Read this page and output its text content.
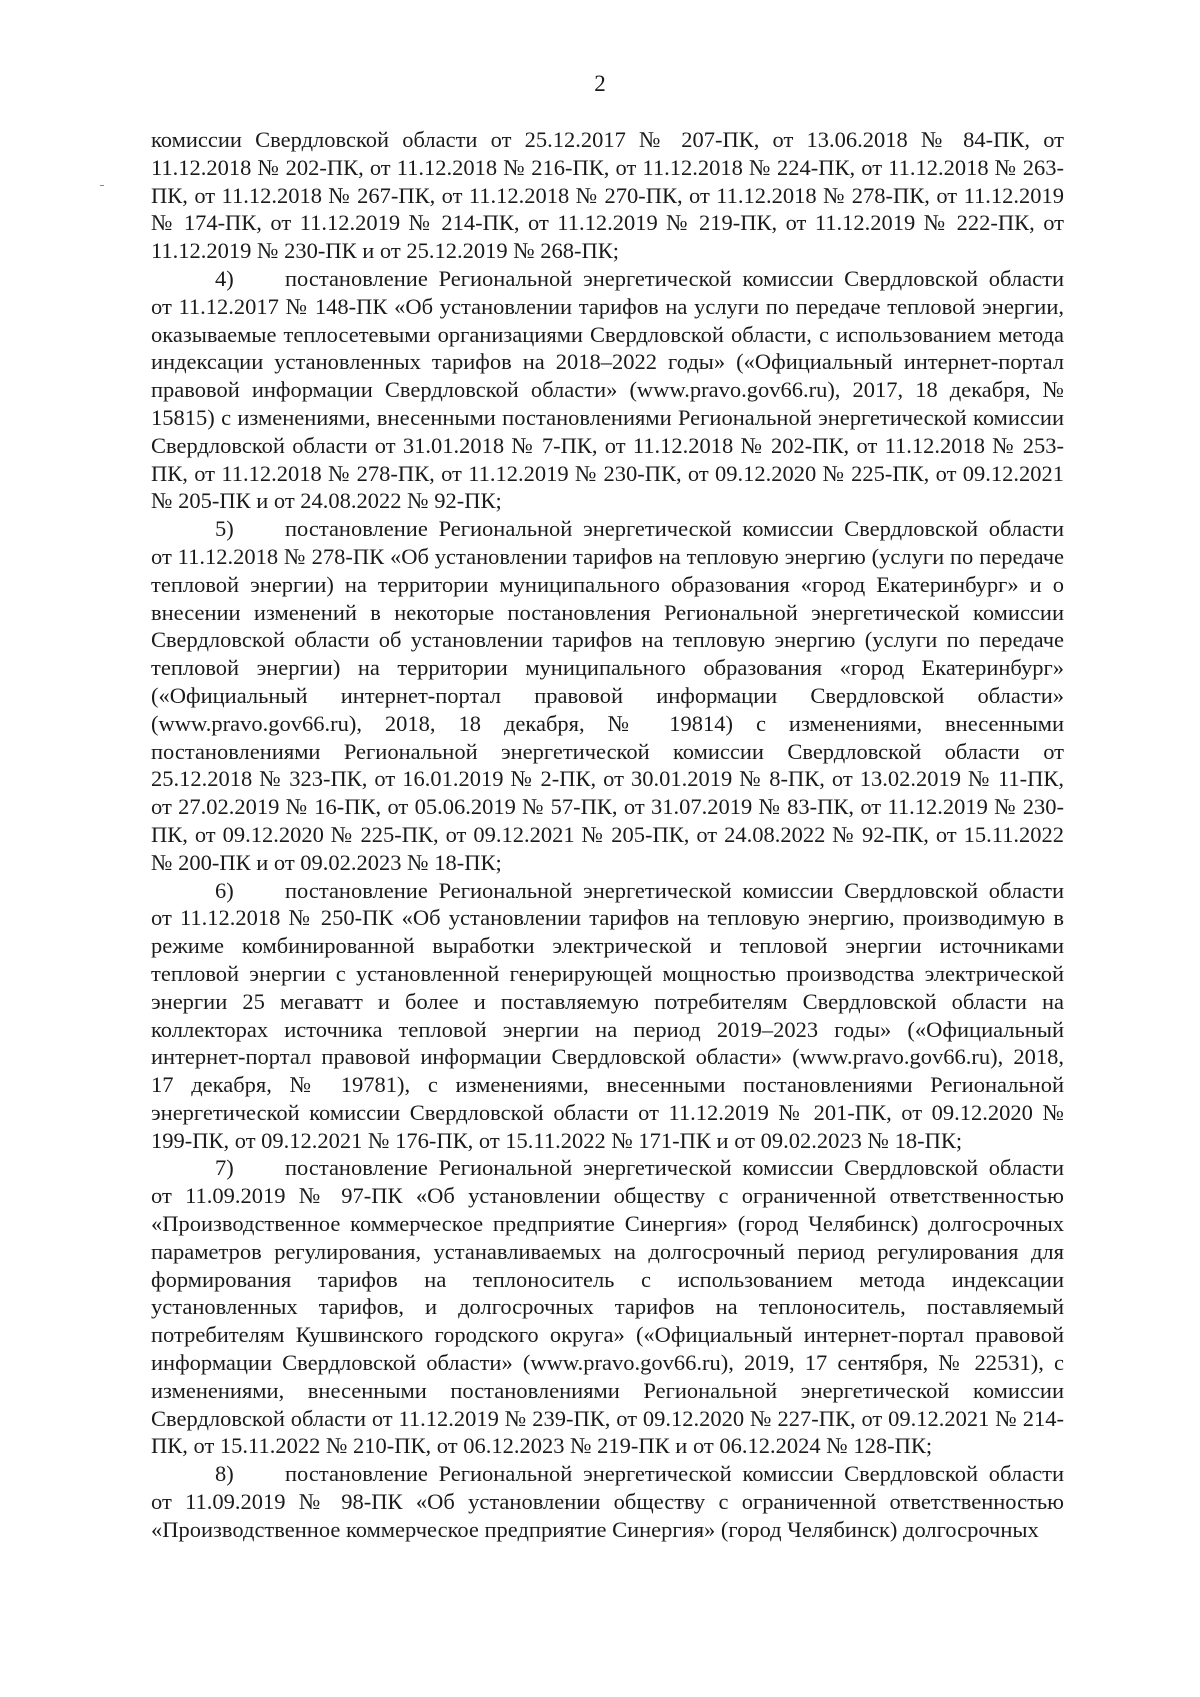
2

комиссии Свердловской области от 25.12.2017 № 207-ПК, от 13.06.2018 № 84-ПК, от 11.12.2018 № 202-ПК, от 11.12.2018 № 216-ПК, от 11.12.2018 № 224-ПК, от 11.12.2018 № 263-ПК, от 11.12.2018 № 267-ПК, от 11.12.2018 № 270-ПК, от 11.12.2018 № 278-ПК, от 11.12.2019 № 174-ПК, от 11.12.2019 № 214-ПК, от 11.12.2019 № 219-ПК, от 11.12.2019 № 222-ПК, от 11.12.2019 № 230-ПК и от 25.12.2019 № 268-ПК;

4) постановление Региональной энергетической комиссии Свердловской области от 11.12.2017 № 148-ПК «Об установлении тарифов на услуги по передаче тепловой энергии, оказываемые теплосетевыми организациями Свердловской области, с использованием метода индексации установленных тарифов на 2018–2022 годы» («Официальный интернет-портал правовой информации Свердловской области» (www.pravo.gov66.ru), 2017, 18 декабря, № 15815) с изменениями, внесенными постановлениями Региональной энергетической комиссии Свердловской области от 31.01.2018 № 7-ПК, от 11.12.2018 № 202-ПК, от 11.12.2018 № 253-ПК, от 11.12.2018 № 278-ПК, от 11.12.2019 № 230-ПК, от 09.12.2020 № 225-ПК, от 09.12.2021 № 205-ПК и от 24.08.2022 № 92-ПК;

5) постановление Региональной энергетической комиссии Свердловской области от 11.12.2018 № 278-ПК «Об установлении тарифов на тепловую энергию (услуги по передаче тепловой энергии) на территории муниципального образования «город Екатеринбург» и о внесении изменений в некоторые постановления Региональной энергетической комиссии Свердловской области об установлении тарифов на тепловую энергию (услуги по передаче тепловой энергии) на территории муниципального образования «город Екатеринбург» («Официальный интернет-портал правовой информации Свердловской области» (www.pravo.gov66.ru), 2018, 18 декабря, № 19814) с изменениями, внесенными постановлениями Региональной энергетической комиссии Свердловской области от 25.12.2018 № 323-ПК, от 16.01.2019 № 2-ПК, от 30.01.2019 № 8-ПК, от 13.02.2019 № 11-ПК, от 27.02.2019 № 16-ПК, от 05.06.2019 № 57-ПК, от 31.07.2019 № 83-ПК, от 11.12.2019 № 230-ПК, от 09.12.2020 № 225-ПК, от 09.12.2021 № 205-ПК, от 24.08.2022 № 92-ПК, от 15.11.2022 № 200-ПК и от 09.02.2023 № 18-ПК;

6) постановление Региональной энергетической комиссии Свердловской области от 11.12.2018 № 250-ПК «Об установлении тарифов на тепловую энергию, производимую в режиме комбинированной выработки электрической и тепловой энергии источниками тепловой энергии с установленной генерирующей мощностью производства электрической энергии 25 мегаватт и более и поставляемую потребителям Свердловской области на коллекторах источника тепловой энергии на период 2019–2023 годы» («Официальный интернет-портал правовой информации Свердловской области» (www.pravo.gov66.ru), 2018, 17 декабря, № 19781), с изменениями, внесенными постановлениями Региональной энергетической комиссии Свердловской области от 11.12.2019 № 201-ПК, от 09.12.2020 № 199-ПК, от 09.12.2021 № 176-ПК, от 15.11.2022 № 171-ПК и от 09.02.2023 № 18-ПК;

7) постановление Региональной энергетической комиссии Свердловской области от 11.09.2019 № 97-ПК «Об установлении обществу с ограниченной ответственностью «Производственное коммерческое предприятие Синергия» (город Челябинск) долгосрочных параметров регулирования, устанавливаемых на долгосрочный период регулирования для формирования тарифов на теплоноситель с использованием метода индексации установленных тарифов, и долгосрочных тарифов на теплоноситель, поставляемый потребителям Кушвинского городского округа» («Официальный интернет-портал правовой информации Свердловской области» (www.pravo.gov66.ru), 2019, 17 сентября, № 22531), с изменениями, внесенными постановлениями Региональной энергетической комиссии Свердловской области от 11.12.2019 № 239-ПК, от 09.12.2020 № 227-ПК, от 09.12.2021 № 214-ПК, от 15.11.2022 № 210-ПК, от 06.12.2023 № 219-ПК и от 06.12.2024 № 128-ПК;

8) постановление Региональной энергетической комиссии Свердловской области от 11.09.2019 № 98-ПК «Об установлении обществу с ограниченной ответственностью «Производственное коммерческое предприятие Синергия» (город Челябинск) долгосрочных
